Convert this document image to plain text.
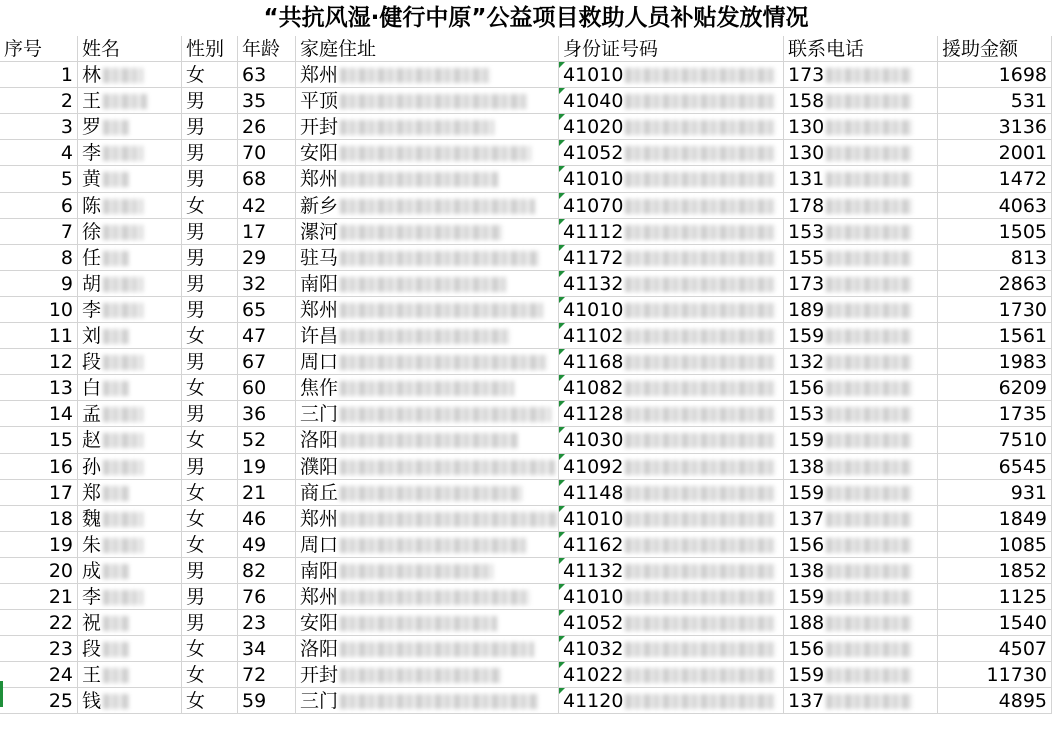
“共抗风湿·健行中原”公益项目救助人员补贴发放情况
序号	姓名	性别 年龄	家庭住址	身份证号码	联系电话	援助金额
1 林	女	63	郑州	41010	173	1698
2 王	男	35	平顶	41040	158	531
3 罗	男	26	开封	41020	130	3136
4 李	男	70	安阳	41052	130	2001
5 黄	男	68	郑州	41010	131	1472
6 陈	女	42	新乡	41070	178	4063
7 徐	男	17	漯河	41112	153	1505
8 任	男	29	驻马	41172	155	813
9 胡	男	32	南阳	41132	173	2863
10 李	男	65	郑州	41010	189	1730
11 刘	女	47	许昌	41102	159	1561
12 段	男	67	周口	41168	132	1983
13 白	女	60	焦作	41082	156	6209
14 孟	男	36	三门	41128	153	1735
15 赵	女	52	洛阳	41030	159	7510
16 孙	男	19	濮阳	41092	138	6545
17 郑	女	21	商丘	41148	159	931
18 魏	女	46	郑州	41010	137	1849
19 朱	女	49	周口	41162	156	1085
20 成	男	82	南阳	41132	138	1852
21 李	男	76	郑州	41010	159	1125
22 祝	男	23	安阳	41052	188	1540
23 段	女	34	洛阳	41032	156	4507
24 王	女	72	开封	41022	159	11730
25 钱	女	59	三门	41120	137	4895
